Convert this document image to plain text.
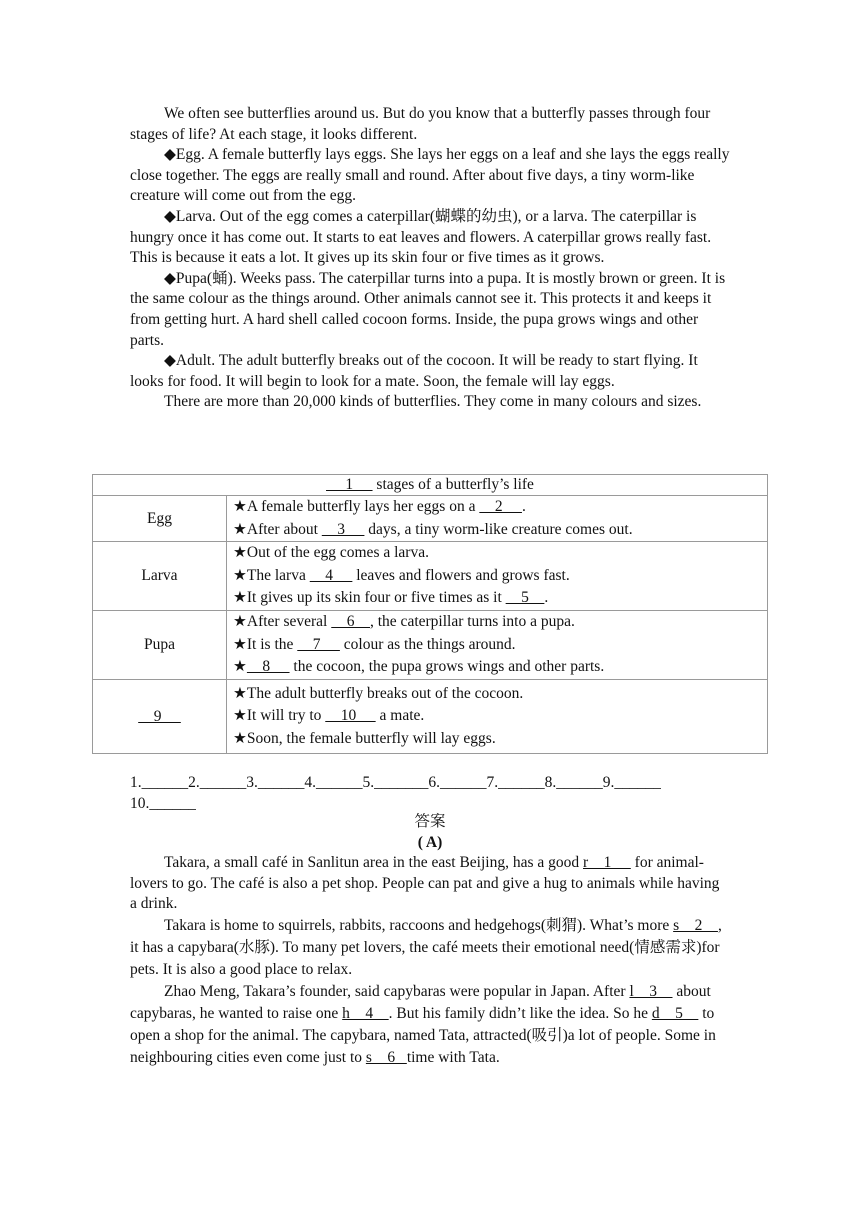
We often see butterflies around us. But do you know that a butterfly passes through four stages of life? At each stage, it looks different.

◆Egg. A female butterfly lays eggs. She lays her eggs on a leaf and she lays the eggs really close together. The eggs are really small and round. After about five days, a tiny worm-like creature will come out from the egg.

◆Larva. Out of the egg comes a caterpillar(蝴蝶的幼虫), or a larva. The caterpillar is hungry once it has come out. It starts to eat leaves and flowers. A caterpillar grows really fast. This is because it eats a lot. It gives up its skin four or five times as it grows.

◆Pupa(蛹). Weeks pass. The caterpillar turns into a pupa. It is mostly brown or green. It is the same colour as the things around. Other animals cannot see it. This protects it and keeps it from getting hurt. A hard shell called cocoon forms. Inside, the pupa grows wings and other parts.

◆Adult. The adult butterfly breaks out of the cocoon. It will be ready to start flying. It looks for food. It will begin to look for a mate. Soon, the female will lay eggs.

There are more than 20,000 kinds of butterflies. They come in many colours and sizes.

1      stages of a butterfly’s life	
Egg	★A female butterfly lays her eggs on a     2     .
★After about     3      days, a tiny worm-like creature comes out.

Larva	★Out of the egg comes a larva.
★The larva     4      leaves and flowers and grows fast.
★It gives up its skin four or five times as it     5    .

Pupa	★After several     6    , the caterpillar turns into a pupa.
★It is the     7      colour as the things around.
★    8      the cocoon, the pupa grows wings and other parts.

9	★The adult butterfly breaks out of the cocoon.
★It will try to     10      a mate.
★Soon, the female butterfly will lay eggs.
1.______2.______3.______4.______5._______6.______7.______8.______9.______
10.______
答案
( A)

Takara, a small café in Sanlitun area in the east Beijing, has a good r    1      for animal-lovers to go. The café is also a pet shop. People can pat and give a hug to animals while having a drink.

Takara is home to squirrels, rabbits, raccoons and hedgehogs(刺猬). What’s more s    2    , it has a capybara(水豚). To many pet lovers, the café meets their emotional need(情感需求)for pets. It is also a good place to relax.

Zhao Meng, Takara’s founder, said capybaras were popular in Japan. After l    3     about capybaras, he wanted to raise one h    4    . But his family didn’t like the idea. So he d    5     to open a shop for the animal. The capybara, named Tata, attracted(吸引)a lot of people. Some in neighbouring cities even come just to s    6   time with Tata.
